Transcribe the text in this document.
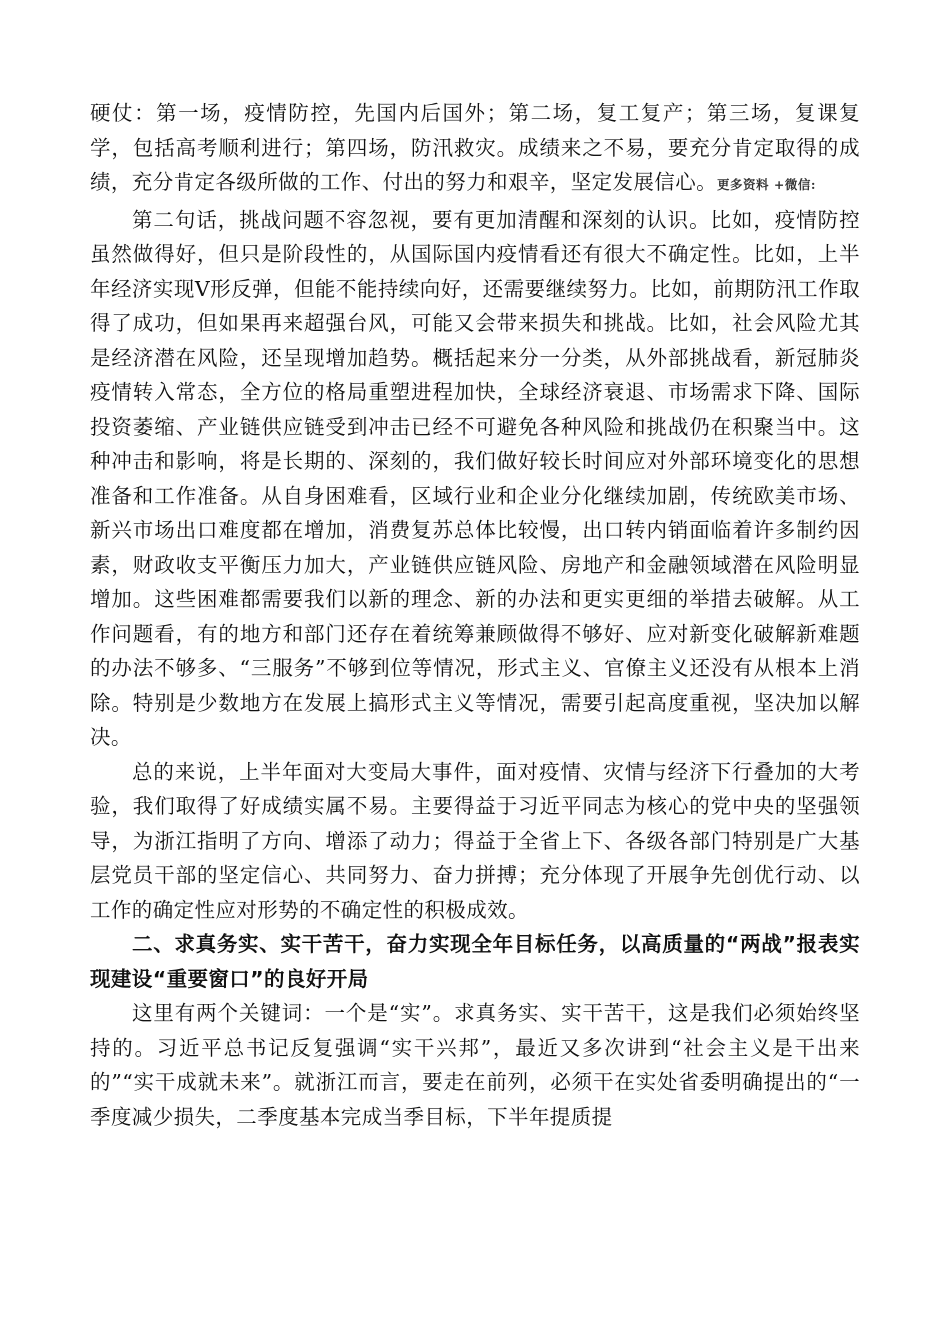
硬仗：第一场，疫情防控，先国内后国外；第二场，复工复产；第三场，复课复学，包括高考顺利进行；第四场，防汛救灾。成绩来之不易，要充分肯定取得的成绩，充分肯定各级所做的工作、付出的努力和艰辛，坚定发展信心。更多资料 +微信:

第二句话，挑战问题不容忽视，要有更加清醒和深刻的认识。比如，疫情防控虽然做得好，但只是阶段性的，从国际国内疫情看还有很大不确定性。比如，上半年经济实现Ⅴ形反弹，但能不能持续向好，还需要继续努力。比如，前期防汛工作取得了成功，但如果再来超强台风，可能又会带来损失和挑战。比如，社会风险尤其是经济潜在风险，还呈现增加趋势。概括起来分一分类，从外部挑战看，新冠肺炎疫情转入常态，全方位的格局重塑进程加快，全球经济衰退、市场需求下降、国际投资萎缩、产业链供应链受到冲击已经不可避免各种风险和挑战仍在积聚当中。这种冲击和影响，将是长期的、深刻的，我们做好较长时间应对外部环境变化的思想准备和工作准备。从自身困难看，区域行业和企业分化继续加剧，传统欧美市场、新兴市场出口难度都在增加，消费复苏总体比较慢，出口转内销面临着许多制约因素，财政收支平衡压力加大，产业链供应链风险、房地产和金融领域潜在风险明显增加。这些困难都需要我们以新的理念、新的办法和更实更细的举措去破解。从工作问题看，有的地方和部门还存在着统筹兼顾做得不够好、应对新变化破解新难题的办法不够多、“三服务”不够到位等情况，形式主义、官僚主义还没有从根本上消除。特别是少数地方在发展上搞形式主义等情况，需要引起高度重视，坚决加以解决。

总的来说，上半年面对大变局大事件，面对疫情、灾情与经济下行叠加的大考验，我们取得了好成绩实属不易。主要得益于习近平同志为核心的党中央的坚强领导，为浙江指明了方向、增添了动力；得益于全省上下、各级各部门特别是广大基层党员干部的坚定信心、共同努力、奋力拼搏；充分体现了开展争先创优行动、以工作的确定性应对形势的不确定性的积极成效。

二、求真务实、实干苦干，奋力实现全年目标任务，以高质量的“两战”报表实现建设“重要窗口”的良好开局

这里有两个关键词：一个是“实”。求真务实、实干苦干，这是我们必须始终坚持的。习近平总书记反复强调“实干兴邦”，最近又多次讲到“社会主义是干出来的”“实干成就未来”。就浙江而言，要走在前列，必须干在实处省委明确提出的“一季度减少损失，二季度基本完成当季目标，下半年提质提
